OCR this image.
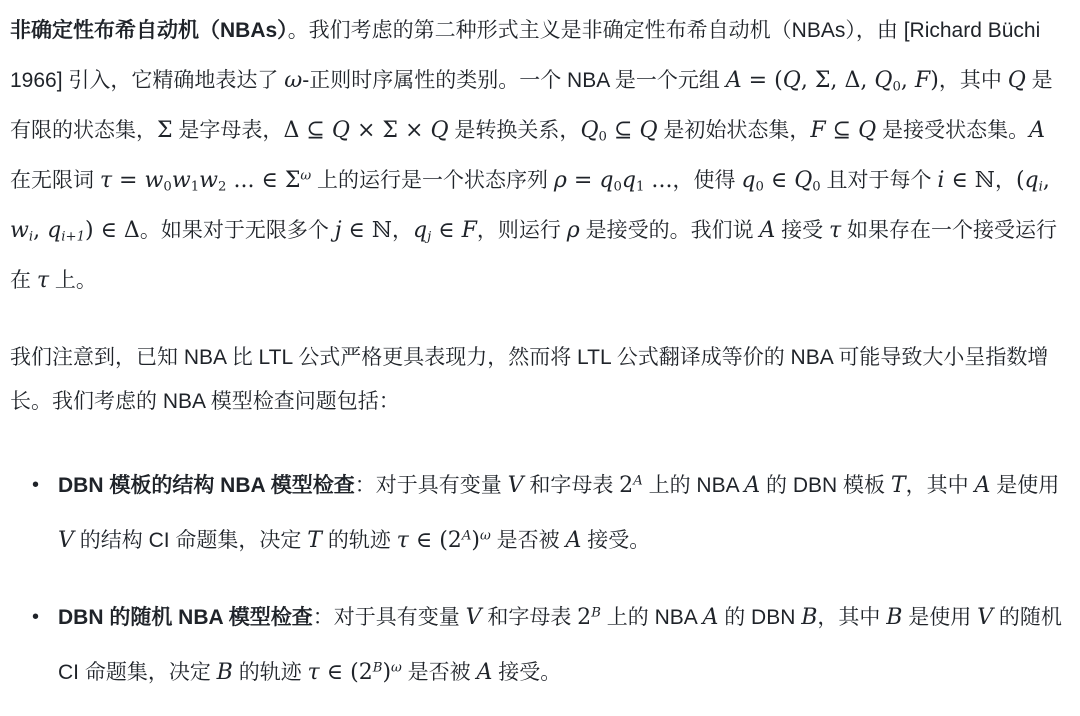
非确定性布希自动机（NBAs）。我们考虑的第二种形式主义是非确定性布希自动机（NBAs），由 [Richard Büchi 1966] 引入，它精确地表达了 ω-正则时序属性的类别。一个 NBA 是一个元组 A = (Q, Σ, Δ, $Q_0$, F)，其中 Q 是有限的状态集，Σ 是字母表，Δ ⊆ Q × Σ × Q 是转换关系，$Q_0$ ⊆ Q 是初始状态集，F ⊆ Q 是接受状态集。A 在无限词 $\tau = w_0w_1w_2$ ... ∈ $\Sigma^\omega$ 上的运行是一个状态序列 $\rho = q_0q_1$ ...，使得 $q_0$ ∈ $Q_0$ 且对于每个 i ∈ ℕ，($q_i$, $w_i$, $q_{i+1}$) ∈ Δ。如果对于无限多个 j ∈ ℕ，$q_j$ ∈ F，则运行 ρ 是接受的。我们说 A 接受 τ 如果存在一个接受运行在 τ 上。

我们注意到，已知 NBA 比 LTL 公式严格更具表现力，然而将 LTL 公式翻译成等价的 NBA 可能导致大小呈指数增长。我们考虑的 NBA 模型检查问题包括：

• DBN 模板的结构 NBA 模型检查：对于具有变量 V 和字母表 $2^A$ 上的 NBA A 的 DBN 模板 T，其中 A 是使用 V 的结构 CI 命题集，决定 T 的轨迹 τ ∈ $(2^A)^\omega$ 是否被 A 接受。
• DBN 的随机 NBA 模型检查：对于具有变量 V 和字母表 $2^B$ 上的 NBA A 的 DBN B，其中 B 是使用 V 的随机 CI 命题集，决定 B 的轨迹 τ ∈ $(2^B)^\omega$ 是否被 A 接受。
